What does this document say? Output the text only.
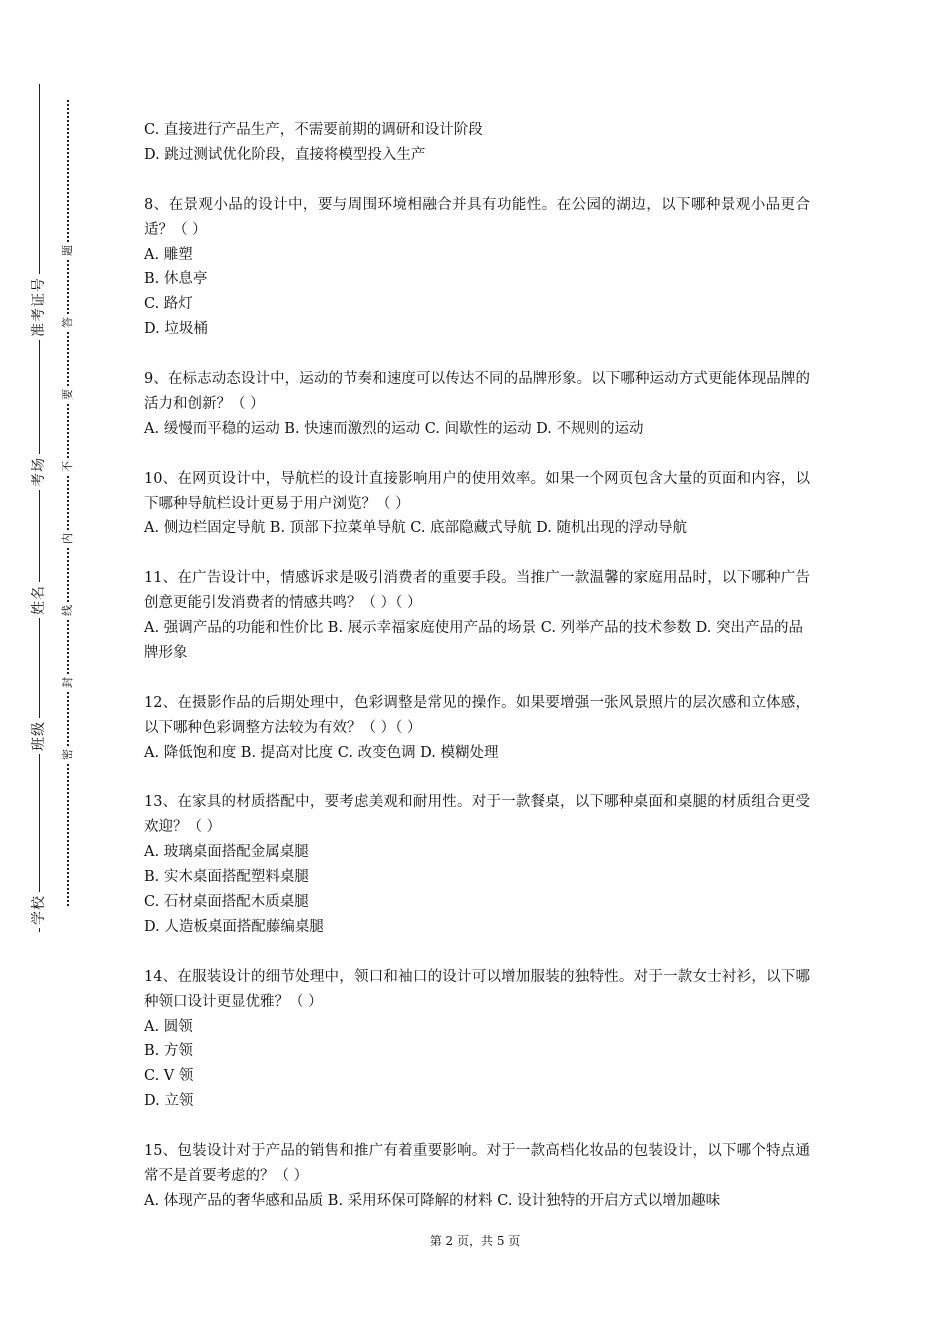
准考证号
考场
姓名
班级
学校
题
答
要
不
内
线
封
密

C. 直接进行产品生产，不需要前期的调研和设计阶段

D. 跳过测试优化阶段，直接将模型投入生产

8、在景观小品的设计中，要与周围环境相融合并具有功能性。在公园的湖边，以下哪种景观小品更合适？（ ）

A. 雕塑

B. 休息亭

C. 路灯

D. 垃圾桶

9、在标志动态设计中，运动的节奏和速度可以传达不同的品牌形象。以下哪种运动方式更能体现品牌的活力和创新？（ ）

A. 缓慢而平稳的运动 B. 快速而激烈的运动 C. 间歇性的运动 D. 不规则的运动

10、在网页设计中，导航栏的设计直接影响用户的使用效率。如果一个网页包含大量的页面和内容，以下哪种导航栏设计更易于用户浏览？（ ）

A. 侧边栏固定导航 B. 顶部下拉菜单导航 C. 底部隐藏式导航 D. 随机出现的浮动导航

11、在广告设计中，情感诉求是吸引消费者的重要手段。当推广一款温馨的家庭用品时，以下哪种广告创意更能引发消费者的情感共鸣？（ ）（ ）

A. 强调产品的功能和性价比 B. 展示幸福家庭使用产品的场景 C. 列举产品的技术参数 D. 突出产品的品牌形象

12、在摄影作品的后期处理中，色彩调整是常见的操作。如果要增强一张风景照片的层次感和立体感，以下哪种色彩调整方法较为有效？（ ）（ ）

A. 降低饱和度 B. 提高对比度 C. 改变色调 D. 模糊处理

13、在家具的材质搭配中，要考虑美观和耐用性。对于一款餐桌，以下哪种桌面和桌腿的材质组合更受欢迎？（ ）

A. 玻璃桌面搭配金属桌腿

B. 实木桌面搭配塑料桌腿

C. 石材桌面搭配木质桌腿

D. 人造板桌面搭配藤编桌腿

14、在服装设计的细节处理中，领口和袖口的设计可以增加服装的独特性。对于一款女士衬衫，以下哪种领口设计更显优雅？（ ）

A. 圆领

B. 方领

C. V 领

D. 立领

15、包装设计对于产品的销售和推广有着重要影响。对于一款高档化妆品的包装设计，以下哪个特点通常不是首要考虑的？（ ）

A. 体现产品的奢华感和品质 B. 采用环保可降解的材料 C. 设计独特的开启方式以增加趣味

第 2 页，共 5 页
